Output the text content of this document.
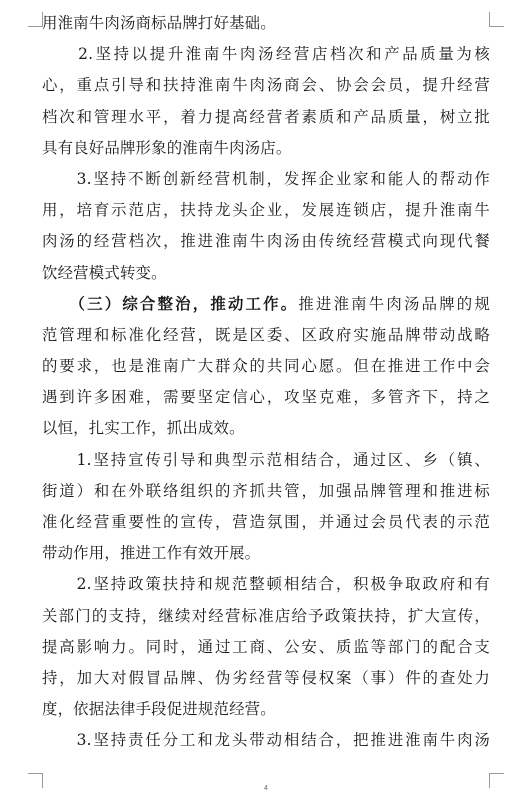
用淮南牛肉汤商标品牌打好基础。
　　2.坚持以提升淮南牛肉汤经营店档次和产品质量为核
心，重点引导和扶持淮南牛肉汤商会、协会会员，提升经营
档次和管理水平，着力提高经营者素质和产品质量，树立批
具有良好品牌形象的淮南牛肉汤店。
　　3.坚持不断创新经营机制，发挥企业家和能人的帮动作
用，培育示范店，扶持龙头企业，发展连锁店，提升淮南牛
肉汤的经营档次，推进淮南牛肉汤由传统经营模式向现代餐
饮经营模式转变。
　　（三）综合整治，推动工作。推进淮南牛肉汤品牌的规
范管理和标准化经营，既是区委、区政府实施品牌带动战略
的要求，也是淮南广大群众的共同心愿。但在推进工作中会
遇到许多困难，需要坚定信心，攻坚克难，多管齐下，持之
以恒，扎实工作，抓出成效。
　　1.坚持宣传引导和典型示范相结合，通过区、乡（镇、
街道）和在外联络组织的齐抓共管，加强品牌管理和推进标
准化经营重要性的宣传，营造氛围，并通过会员代表的示范
带动作用，推进工作有效开展。
　　2.坚持政策扶持和规范整顿相结合，积极争取政府和有
关部门的支持，继续对经营标准店给予政策扶持，扩大宣传，
提高影响力。同时，通过工商、公安、质监等部门的配合支
持，加大对假冒品牌、伪劣经营等侵权案（事）件的查处力
度，依据法律手段促进规范经营。
　　3.坚持责任分工和龙头带动相结合，把推进淮南牛肉汤
4
